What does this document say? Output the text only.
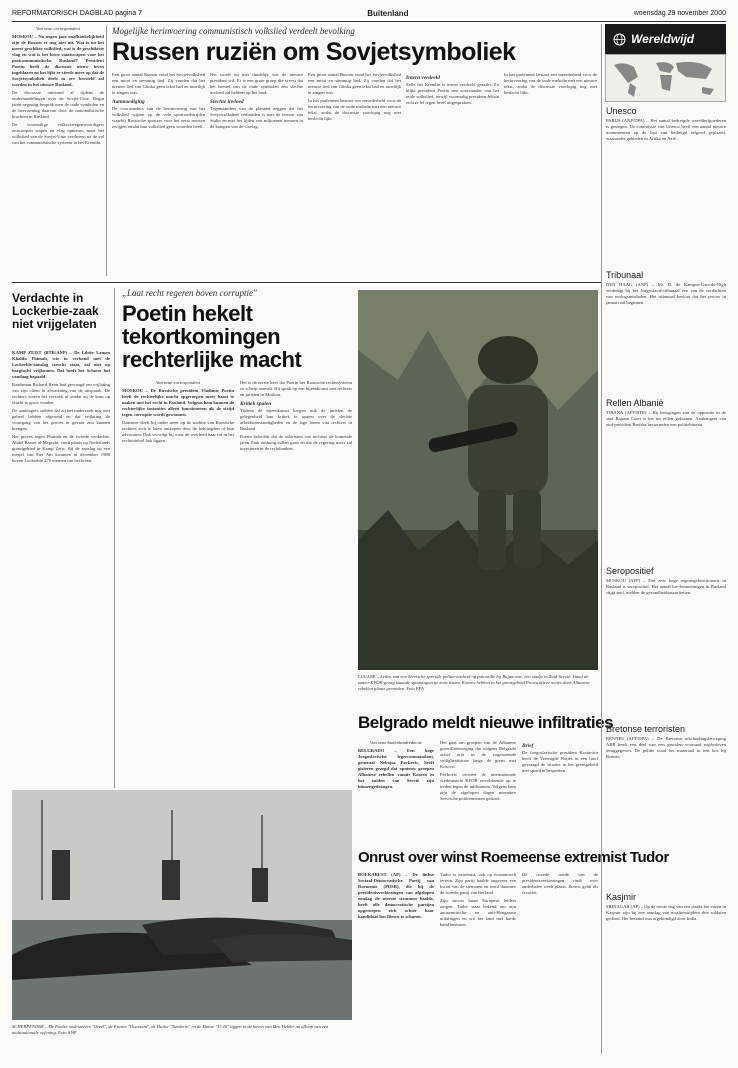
REFORMATORISCH DAGBLAD pagina 7	Buitenland	woensdag 29 november 2000

Van onze correspondent

MOSKOU – Na negen jaar onafhankelijkheid zijn de Russen er nog niet uit. Wat is nu het meest geschikte volkslied, wat is de geschiktste vlag en wat is het beste staatswapen voor het postcommunistische Rusland? President Poetin heeft de discussie nieuw leven ingeblazen en het lijkt er steeds meer op dat de Sovjetsymboliek deels in ere hersteld zal worden in het nieuwe Rusland.

De discussie ontstond al tijdens de onderhandelingen over de Sovjet-Unie. Begin jaren negentig besprak men de oude symbolen en de hervorming daarvan door de nationalistische krachten in Rusland.

De voormalige volksvertegenwoordigers ontwierpen wapen en vlag opnieuw, maar het volkslied van de Sovjet-Unie verdween na de val van het communistische systeem in het Kremlin.

Mogelijke herinvoering communistisch volkslied verdeelt bevolking
Russen ruziën om Sovjetsymboliek

Een groot aantal Russen vond het Sovjetvolkslied een mooi en stemmig lied. Zij vonden dat het nieuwe lied van Glinka geen tekst had en moeilijk te zingen was.

Aanmoediging

De voorstanders van de herinvoering van het volkslied wijzen op de vele sportwedstrijden waarbij Russische sporters voor het eerst moeten zwijgen omdat hun volkslied geen woorden heeft.

Het wordt nu niet duidelijk wat de nieuwe president wil. Er is een grote groep die vreest dat het herstel van de oude symbolen een slechte invloed zal hebben op het land.

Slechte invloed

Tegenstanders van de plannen zeggen dat het Sovjetvolkslied verbonden is met de terreur van Stalin en met het lijden van miljoenen mensen in de kampen van de Goelag.

Een groot aantal Russen vond het Sovjetvolkslied een mooi en stemmig lied. Zij vonden dat het nieuwe lied van Glinka geen tekst had en moeilijk te zingen was.

In het parlement bestaat een meerderheid voor de herinvoering van de oude melodie met een nieuwe tekst, zodat de discussie voorlopig nog niet beslecht lijkt.

Intern verdeeld

Zelfs het Kremlin is intern verdeeld geraakt. Zo blijkt president Poetin een voorstander van het oude volkslied, terwijl voormalig president Jeltsin zich er fel tegen heeft uitgesproken.

In het parlement bestaat een meerderheid voor de herinvoering van de oude melodie met een nieuwe tekst, zodat de discussie voorlopig nog niet beslecht lijkt.

Verdachte in Lockerbie-zaak niet vrijgelaten

KAMP ZEIST (RTR/ANP) – De Libiër Lamen Khalifa Fhimah, wie in verband met de Lockerbie-aanslag terecht staat, zal niet op borgtocht vrijkomen. Dat heeft het Schotse hof vandaag bepaald.

Raadsman Richard Keen had gevraagd om vrijlating van zijn cliënt in afwachting van de uitspraak. De rechters wezen het verzoek af omdat zij de kans op vlucht te groot vonden.

De aanklagers stelden dat zij het onderzoek nog niet geheel hebben afgerond en dat vrijlating de voortgang van het proces in gevaar zou kunnen brengen.

Het proces tegen Fhimah en de tweede verdachte, Abdel Basset al-Megrahi, vindt plaats op Nederlands grondgebied in Kamp Zeist. Bij de aanslag op een toestel van Pan Am kwamen in december 1988 boven Lockerbie 270 mensen om het leven.

„Laat recht regeren boven corruptie"
Poetin hekelt tekortkomingen rechterlijke macht

Van onze correspondent

MOSKOU – De Russische president Vladimir Poetin heeft de rechterlijke macht opgeroepen meer haast te maken met het recht in Rusland. Volgens hem kunnen de rechterlijke instanties alleen functioneren als de strijd tegen corruptie wordt gewonnen.

Daarmee doelt hij onder meer op de traditie van Russische rechters zich te laten omkopen door de beklaagden of hun advocaten. Ook vervolgt hij waar de overheid haar rol in het rechtsstelsel laat liggen.

Het is de eerste keer dat Poetin het Russische rechtssysteem zo scherp aanvalt. Hij sprak op een bijeenkomst met rechters en juristen in Moskou.

Kritiek spuien

Tijdens de bijeenkomst kregen ook de juristen de gelegenheid hun kritiek te spuien over de slechte arbeidsomstandigheden en de lage lonen van rechters in Rusland.

Poetin beloofde dat de salarissen van rechters de komende jaren flink omhoog zullen gaan en dat de regering meer zal investeren in de rechtbanken.

LUCANE – Leden van een Servische speciale politie-eenheid op patrouille bij Bujanovac, een stadje in Zuid-Servië. Vanaf de zomer KFOR-gezag staande spanningsvrije zone tussen Kosovo hebben in het grensgebied Provocatieve acties door Albanese rebellen plaats gevonden. Foto EPA
Belgrado meldt nieuwe infiltraties

Van onze buitenlandredactie

BELGRADO – Een hoge Joegoslavische legercommandant, generaal Nebojsa Pavkovic, heeft gisteren gezegd dat opnieuw groepen Albanese rebellen vanuit Kosovo in het zuiden van Servië zijn binnengedrongen.

Het gaat om groepen van de Albanese guerrillabeweging die volgens Belgrado actief zijn in de zogenoemde veiligheidszone langs de grens met Kosovo.

Pavkovic verweet de internationale vredesmacht KFOR onvoldoende op te treden tegen de infiltranten. Volgens hem zijn de afgelopen dagen meerdere Servische politiemensen gedood.

Brief

De Joegoslavische president Kostunica heeft de Verenigde Naties in een brief gevraagd de situatie in het grensgebied met spoed te bespreken.

SCHERPENISSE – De Poolse onderzeeërs "Orzel", de Franse "Ouessant", de Duitse "Tumlerin" en de Duitse "U-26" liggen in de haven van Den Helder na afloop van een multinationale oefening. Foto ANP
Onrust over winst Roemeense extremist Tudor

BOEKAREST (AP) – De linkse Sociaal-Democratische Partij van Roemenie (PDSR), die bij de presidentsverkiezingen van afgelopen zondag de meeste stemmen haalde, heeft alle democratische partijen opgeroepen zich achter haar kandidaat Ion Iliescu te scharen.

Tudor is extremist, ook op economisch terrein. Zijn partij haalde ongeveer een kwart van de stemmen en werd daarmee de tweede partij van het land.

Zijn succes baart Europese leiders zorgen. Tudor staat bekend om zijn antisemitische en anti-Hongaarse uitlatingen en wil het land met harde hand besturen.

De tweede ronde van de presidentsverkiezingen vindt over anderhalve week plaats. Iliescu geldt als favoriet.

Wereldwijd
Unesco

PARIJS (ANP/DPA) – Het aantal bedreigde werelderfgoederen is gestegen. De commissie van Unesco heeft een aantal nieuwe monumenten op de lijst van bedreigd erfgoed geplaatst, waaronder gebieden in Afrika en Azië.

Tribunaal

DEN HAAG (ANP) – Mr. D. de Kampen-Garrido-Nigh verdedigt bij het Joegoslavië-tribunaal een van de verdachten van oorlogsmisdaden. Het tribunaal besloot dat het proces in januari zal beginnen.

Rellen Albanië

TIRANA (AFP/RTR) – Bij betogingen van de oppositie in de stad Bajram Curri is het tot rellen gekomen. Aanhangers van oud-president Berisha bestormden een politiebureau.

Seropositief

MOSKOU (AFP) – Een zeer hoge regeringsfunctionaris in Rusland is seropositief. Het aantal hiv-besmettingen in Rusland stijgt snel, melden de gezondheidsautoriteiten.

Bretonse terroristen

RENNES (AFP/DPA) – De Bretonse afscheidingsbeweging ARB heeft een deel van een gestolen voorraad explosieven teruggegeven. De politie vond het materiaal in een bos bij Rennes.

Kasjmir

SRINAGAR (AP) – Op de eerste dag van een staakt-het-vuren in Kasjmir zijn bij een aanslag van moslimstrijders drie soldaten gedood. Het bestand was afgekondigd door India.
